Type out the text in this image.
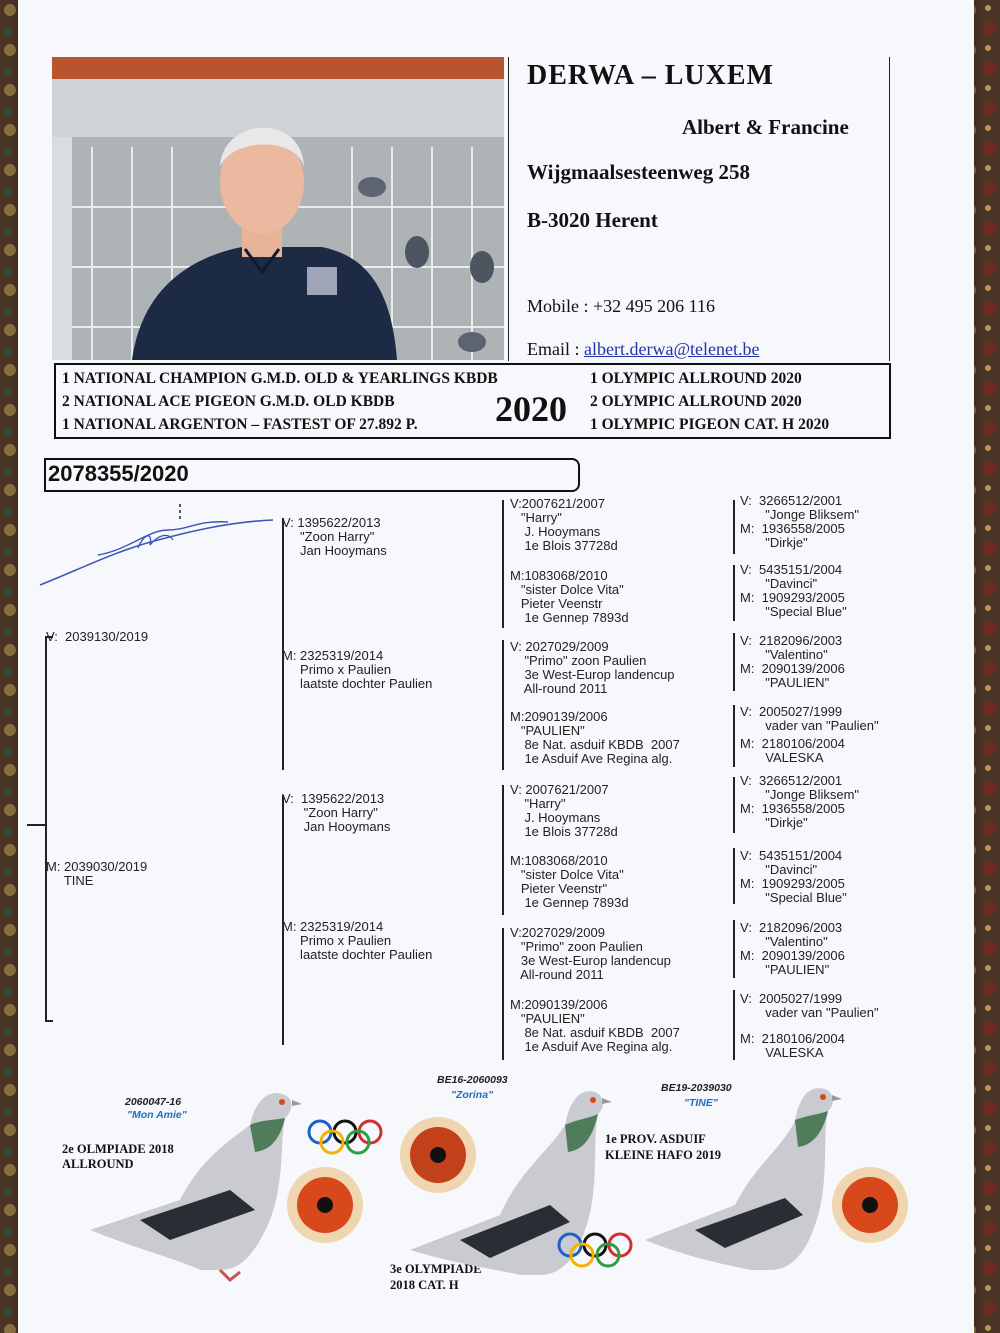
DERWA – LUXEM
Albert & Francine
Wijgmaalsesteenweg 258
B-3020 Herent
Mobile : +32 495 206 116
Email : albert.derwa@telenet.be
1 NATIONAL CHAMPION G.M.D. OLD & YEARLINGS KBDB
2 NATIONAL ACE PIGEON G.M.D. OLD KBDB
1 NATIONAL ARGENTON – FASTEST OF 27.892 P. 2020
1 OLYMPIC ALLROUND 2020
2 OLYMPIC ALLROUND 2020
1 OLYMPIC PIGEON CAT. H 2020
2078355/2020
V:  2039130/2019
M: 2039030/2019
TINE
V: 1395622/2013
"Zoon Harry"
Jan Hooymans
M: 2325319/2014
Primo x Paulien
laatste dochter Paulien
V:  1395622/2013
"Zoon Harry"
Jan Hooymans
M: 2325319/2014
Primo x Paulien
laatste dochter Paulien
V:2007621/2007
"Harry"
J. Hooymans
1e Blois 37728d
M:1083068/2010
"sister Dolce Vita"
Pieter Veenstr
1e Gennep 7893d
V: 2027029/2009
"Primo" zoon Paulien
3e West-Europ landencup
All-round 2011
M:2090139/2006
"PAULIEN"
8e Nat. asduif KBDB  2007
1e Asduif Ave Regina alg.
V: 2007621/2007
"Harry"
J. Hooymans
1e Blois 37728d
M:1083068/2010
"sister Dolce Vita"
Pieter Veenstr"
1e Gennep 7893d
V:2027029/2009
"Primo" zoon Paulien
3e West-Europ landencup
All-round 2011
M:2090139/2006
"PAULIEN"
8e Nat. asduif KBDB  2007
1e Asduif Ave Regina alg.
V:  3266512/2001
"Jonge Bliksem"
M:  1936558/2005
"Dirkje"
V:  5435151/2004
"Davinci"
M:  1909293/2005
"Special Blue"
V:  2182096/2003
"Valentino"
M:  2090139/2006
"PAULIEN"
V:  2005027/1999
vader van "Paulien"
M:  2180106/2004
VALESKA
V:  3266512/2001
"Jonge Bliksem"
M:  1936558/2005
"Dirkje"
V:  5435151/2004
"Davinci"
M:  1909293/2005
"Special Blue"
V:  2182096/2003
"Valentino"
M:  2090139/2006
"PAULIEN"
V:  2005027/1999
vader van "Paulien"
M:  2180106/2004
VALESKA
2060047-16
"Mon Amie"
2e OLMPIADE 2018
ALLROUND
BE16-2060093
"Zorina"
3e OLYMPIADE
2018 CAT. H
BE19-2039030
"TINE"
1e PROV. ASDUIF
KLEINE HAFO 2019
